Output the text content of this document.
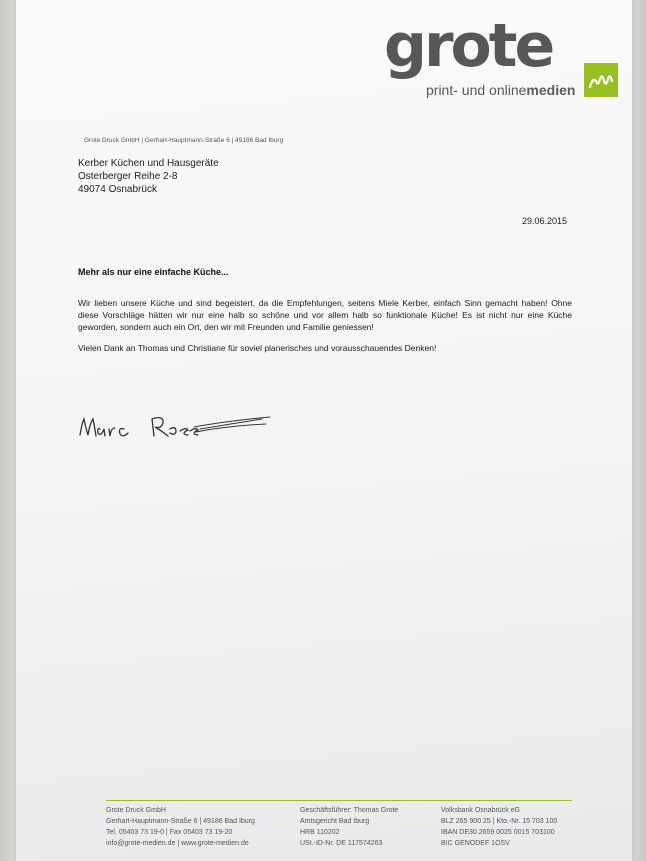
grote
print- und onlinemedien
Grote Druck GmbH | Gerhart-Hauptmann-Straße 6 | 49186 Bad Iburg
Kerber Küchen und Hausgeräte
Osterberger Reihe 2-8
49074 Osnabrück
29.06.2015
Mehr als nur eine einfache Küche...
Wir lieben unsere Küche und sind begeistert, da die Empfehlungen, seitens Miele Kerber, einfach Sinn gemacht haben! Ohne diese Vorschläge hätten wir nur eine halb so schöne und vor allem halb so funktionale Küche! Es ist nicht nur eine Küche geworden, sondern auch ein Ort, den wir mit Freunden und Familie geniessen!
Vielen Dank an Thomas und Christiane für soviel planerisches und vorausschauendes Denken!
Grote Druck GmbH
Gerhart-Hauptmann-Straße 6 | 49186 Bad Iburg
Tel. 05403 73 19-0 | Fax 05403 73 19-20
info@grote-medien.de | www.grote-medien.de
Geschäftsführer: Thomas Grote
Amtsgericht Bad Iburg
HRB 110202
USt.-ID-Nr. DE 117574263
Volksbank Osnabrück eG
BLZ 265 900 25 | Kto.-Nr. 15 703 100
IBAN DE30 2659 0025 0015 703100
BIC GENODEF 1OSV
